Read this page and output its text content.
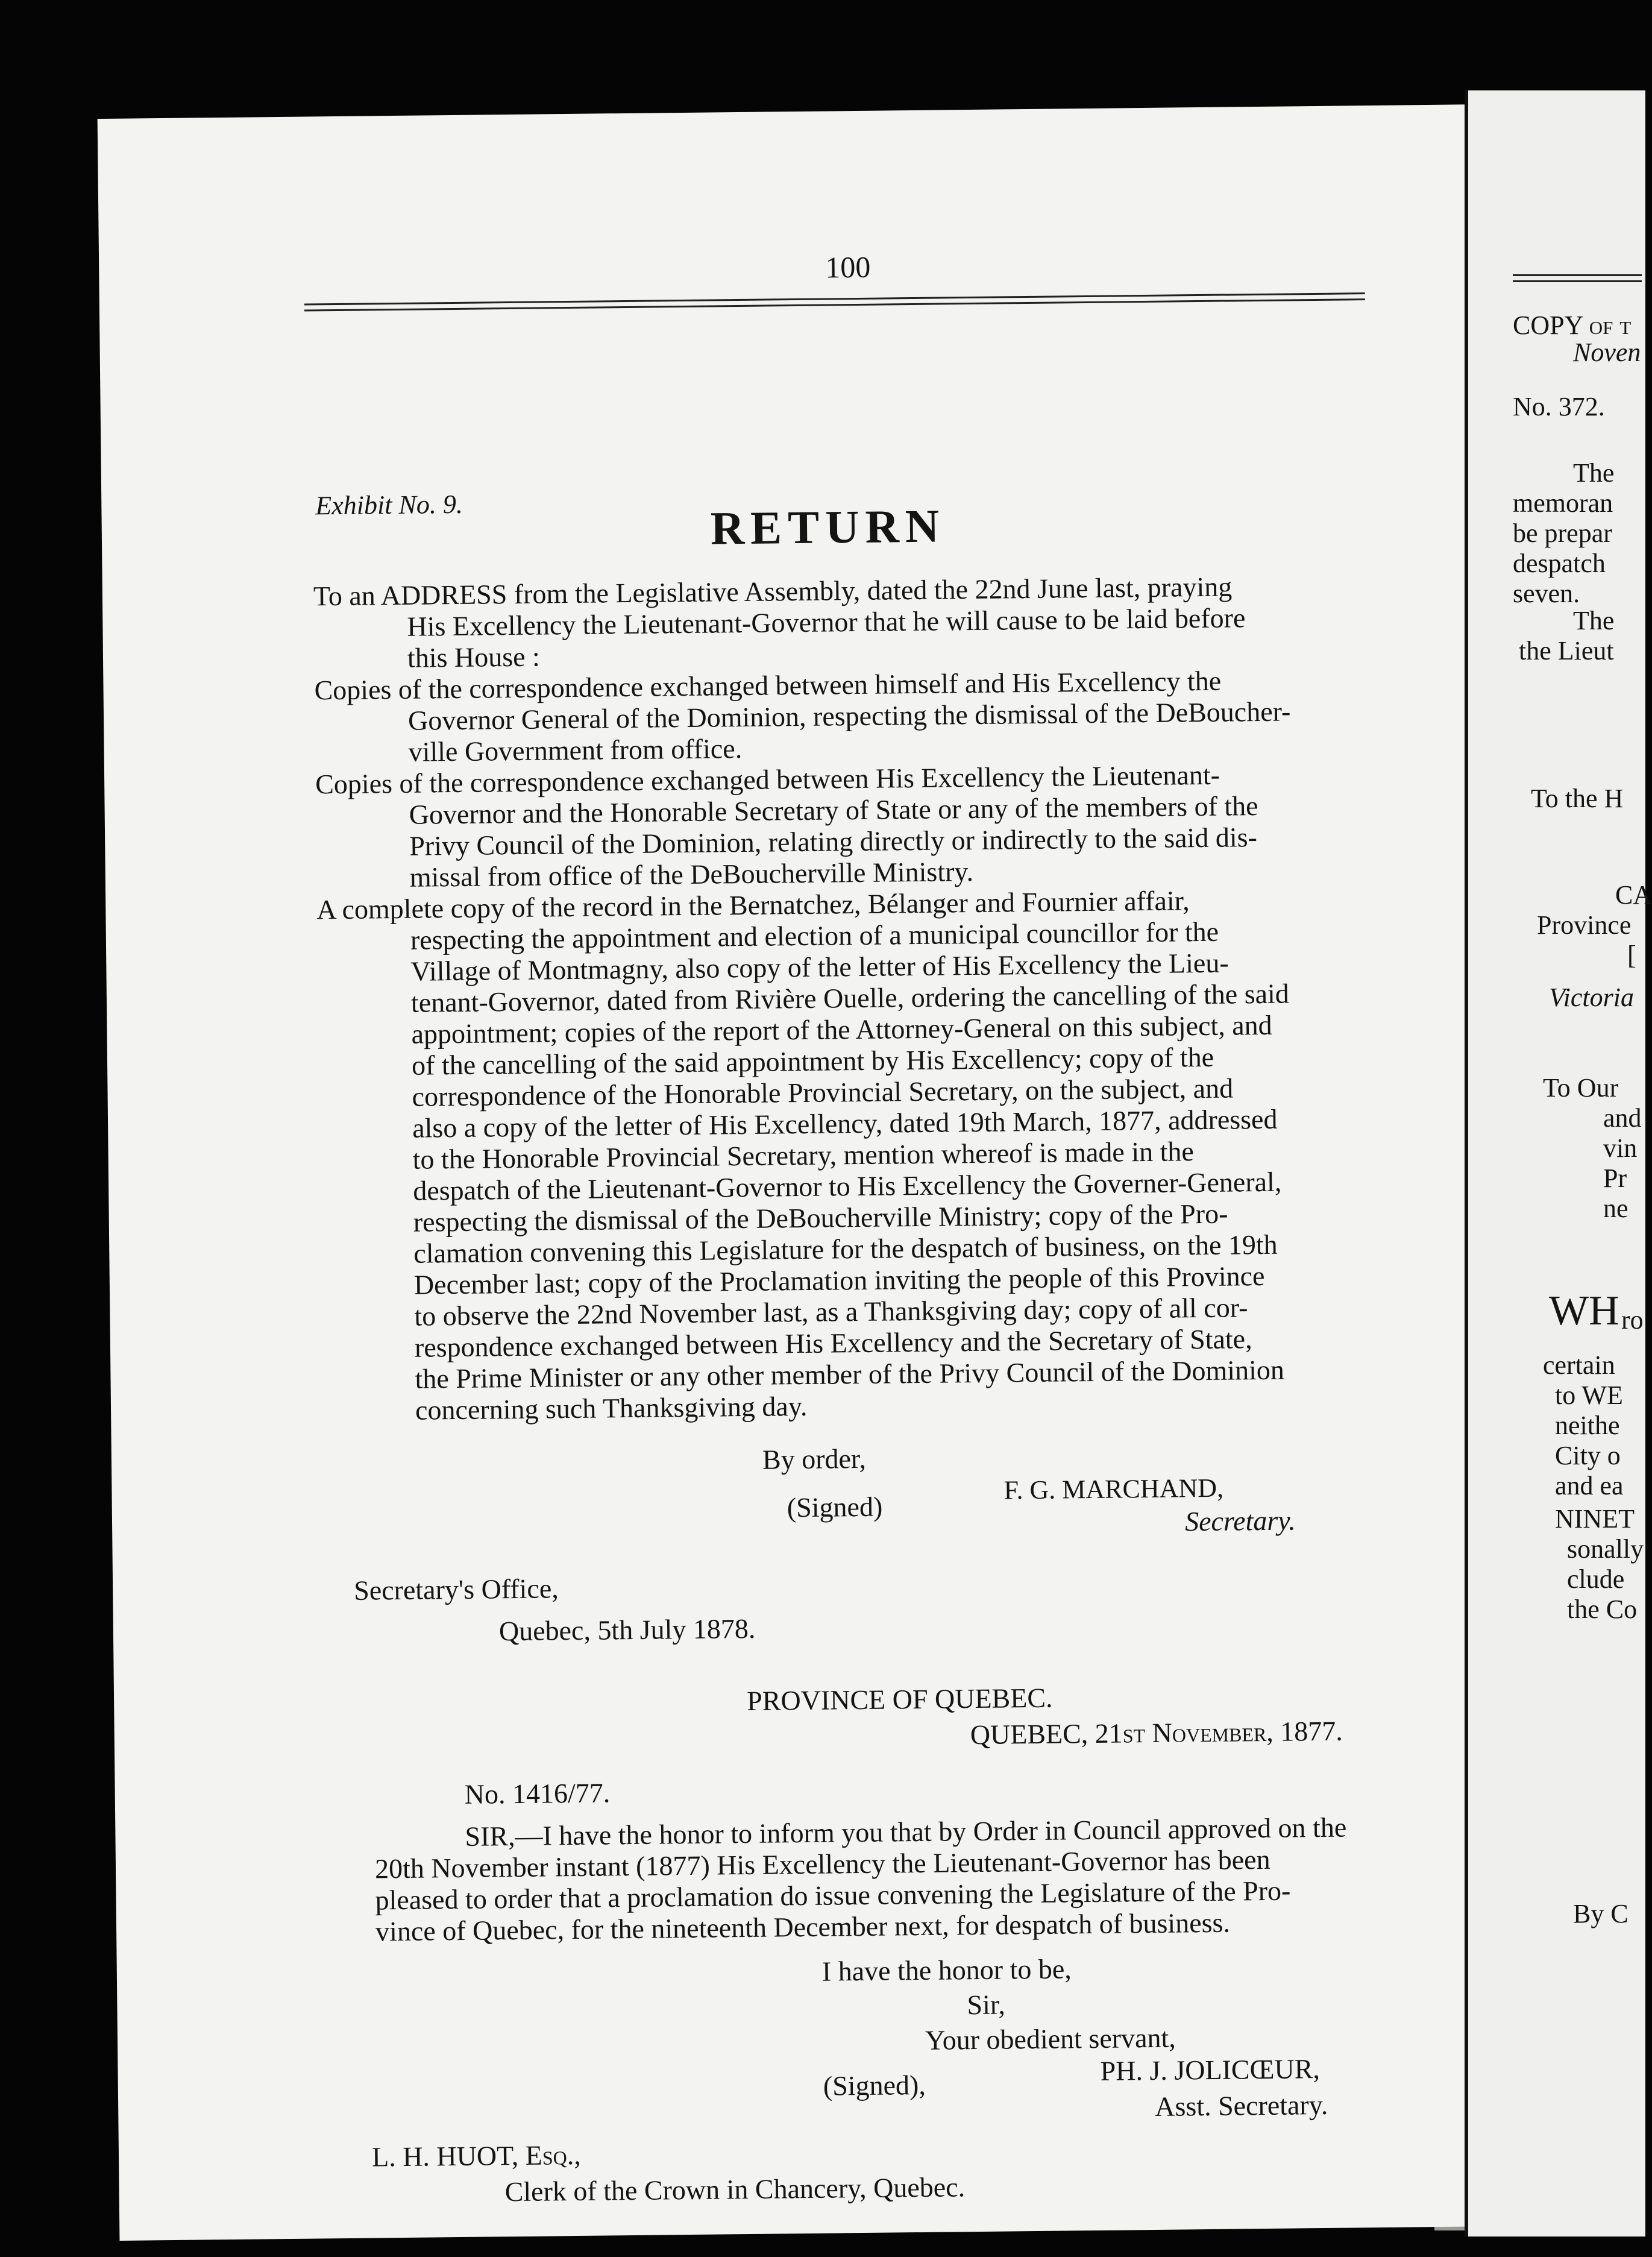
100
Exhibit No. 9.	RETURN
To an ADDRESS from the Legislative Assembly, dated the 22nd June last, praying
His Excellency the Lieutenant-Governor that he will cause to be laid before
this House :
Copies of the correspondence exchanged between himself and His Excellency the
Governor General of the Dominion, respecting the dismissal of the DeBoucher-
ville Government from office.
Copies of the correspondence exchanged between His Excellency the Lieutenant-
Governor and the Honorable Secretary of State or any of the members of the
Privy Council of the Dominion, relating directly or indirectly to the said dis-
missal from office of the DeBoucherville Ministry.
A complete copy of the record in the Bernatchez, Bélanger and Fournier affair,
respecting the appointment and election of a municipal councillor for the
Village of Montmagny, also copy of the letter of His Excellency the Lieu-
tenant-Governor, dated from Rivière Ouelle, ordering the cancelling of the said
appointment; copies of the report of the Attorney-General on this subject, and
of the cancelling of the said appointment by His Excellency; copy of the
correspondence of the Honorable Provincial Secretary, on the subject, and
also a copy of the letter of His Excellency, dated 19th March, 1877, addressed
to the Honorable Provincial Secretary, mention whereof is made in the
despatch of the Lieutenant-Governor to His Excellency the Governer-General,
respecting the dismissal of the DeBoucherville Ministry; copy of the Pro-
clamation convening this Legislature for the despatch of business, on the 19th
December last; copy of the Proclamation inviting the people of this Province
to observe the 22nd November last, as a Thanksgiving day; copy of all cor-
respondence exchanged between His Excellency and the Secretary of State,
the Prime Minister or any other member of the Privy Council of the Dominion
concerning such Thanksgiving day.
By order,
(Signed)
F. G. MARCHAND,
Secretary.
Secretary's Office,
Quebec, 5th July 1878.
PROVINCE OF QUEBEC.
QUEBEC, 21st November, 1877.
No. 1416/77.
SIR,—I have the honor to inform you that by Order in Council approved on the
20th November instant (1877) His Excellency the Lieutenant-Governor has been
pleased to order that a proclamation do issue convening the Legislature of the Pro-
vince of Quebec, for the nineteenth December next, for despatch of business.
I have the honor to be,
Sir,
Your obedient servant,
(Signed),	PH. J. JOLICŒUR,
Asst. Secretary.
L. H. HUOT, Esq.,
Clerk of the Crown in Chancery, Quebec.
COPY of t
Noven
No. 372.
The
memoran
be prepar
despatch
seven.
The
the Lieut
To the H
CA
Province
[
Victoria
To Our
and
vin
Pr
ne
WH ro
certain
to WE
neithe
City o
and ea
NINET
sonally
clude
the Co
By C
